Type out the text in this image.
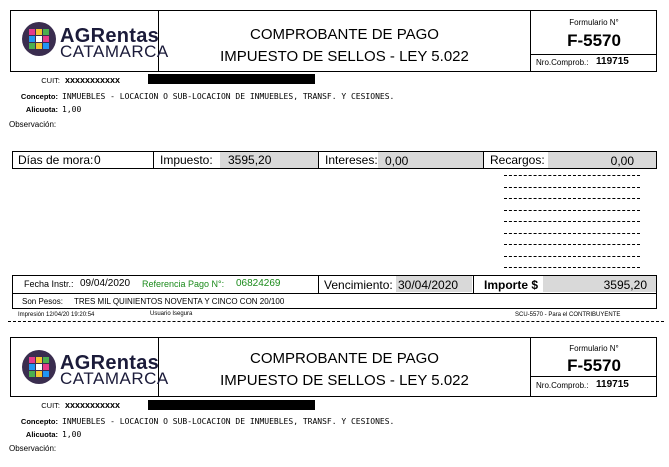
AGRentas
CATAMARCA
COMPROBANTE DE PAGO
IMPUESTO DE SELLOS - LEY 5.022
Formulario N°
F-5570
Nro.Comprob.: 119715
CUIT: xxxxxxxxxxx
Concepto: INMUEBLES - LOCACION O SUB-LOCACION DE INMUEBLES, TRANSF. Y CESIONES.
Alicuota: 1,00
Observación:
Días de mora: 0	Impuesto: 3595,20	Intereses: 0,00	Recargos:	0,00
Fecha Instr.: 09/04/2020 Referencia Pago N°: 06824269	Vencimiento: 30/04/2020 Importe $	3595,20
Son Pesos: TRES MIL QUINIENTOS NOVENTA Y CINCO CON 20/100
Impresión 12/04/20 19:20:54	Usuario Isegura	SCU-5570 - Para el CONTRIBUYENTE
AGRentas
CATAMARCA
COMPROBANTE DE PAGO
IMPUESTO DE SELLOS - LEY 5.022
Formulario N°
F-5570
Nro.Comprob.: 119715
CUIT: xxxxxxxxxxx
Concepto: INMUEBLES - LOCACION O SUB-LOCACION DE INMUEBLES, TRANSF. Y CESIONES.
Alicuota: 1,00
Observación:
